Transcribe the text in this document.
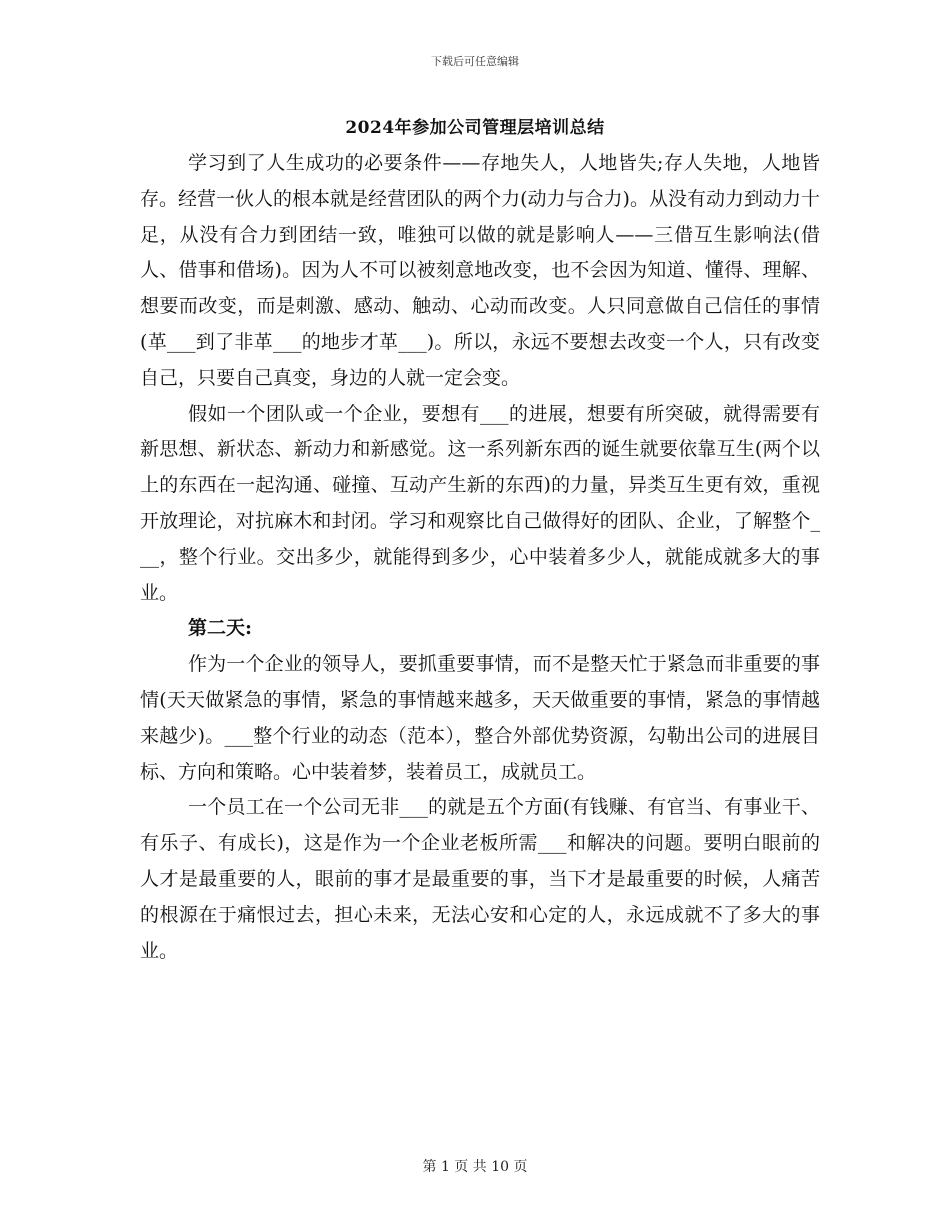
下载后可任意编辑
2024年参加公司管理层培训总结

学习到了人生成功的必要条件——存地失人，人地皆失;存人失地，人地皆存。经营一伙人的根本就是经营团队的两个力(动力与合力)。从没有动力到动力十足，从没有合力到团结一致，唯独可以做的就是影响人——三借互生影响法(借人、借事和借场)。因为人不可以被刻意地改变，也不会因为知道、懂得、理解、想要而改变，而是刺激、感动、触动、心动而改变。人只同意做自己信任的事情(革___到了非革___的地步才革___)。所以，永远不要想去改变一个人，只有改变自己，只要自己真变，身边的人就一定会变。

假如一个团队或一个企业，要想有___的进展，想要有所突破，就得需要有新思想、新状态、新动力和新感觉。这一系列新东西的诞生就要依靠互生(两个以上的东西在一起沟通、碰撞、互动产生新的东西)的力量，异类互生更有效，重视开放理论，对抗麻木和封闭。学习和观察比自己做得好的团队、企业，了解整个___，整个行业。交出多少，就能得到多少，心中装着多少人，就能成就多大的事业。

第二天:

作为一个企业的领导人，要抓重要事情，而不是整天忙于紧急而非重要的事情(天天做紧急的事情，紧急的事情越来越多，天天做重要的事情，紧急的事情越来越少)。___整个行业的动态（范本），整合外部优势资源，勾勒出公司的进展目标、方向和策略。心中装着梦，装着员工，成就员工。

一个员工在一个公司无非___的就是五个方面(有钱赚、有官当、有事业干、有乐子、有成长)，这是作为一个企业老板所需___和解决的问题。要明白眼前的人才是最重要的人，眼前的事才是最重要的事，当下才是最重要的时候，人痛苦的根源在于痛恨过去，担心未来，无法心安和心定的人，永远成就不了多大的事业。

第 1 页 共 10 页
